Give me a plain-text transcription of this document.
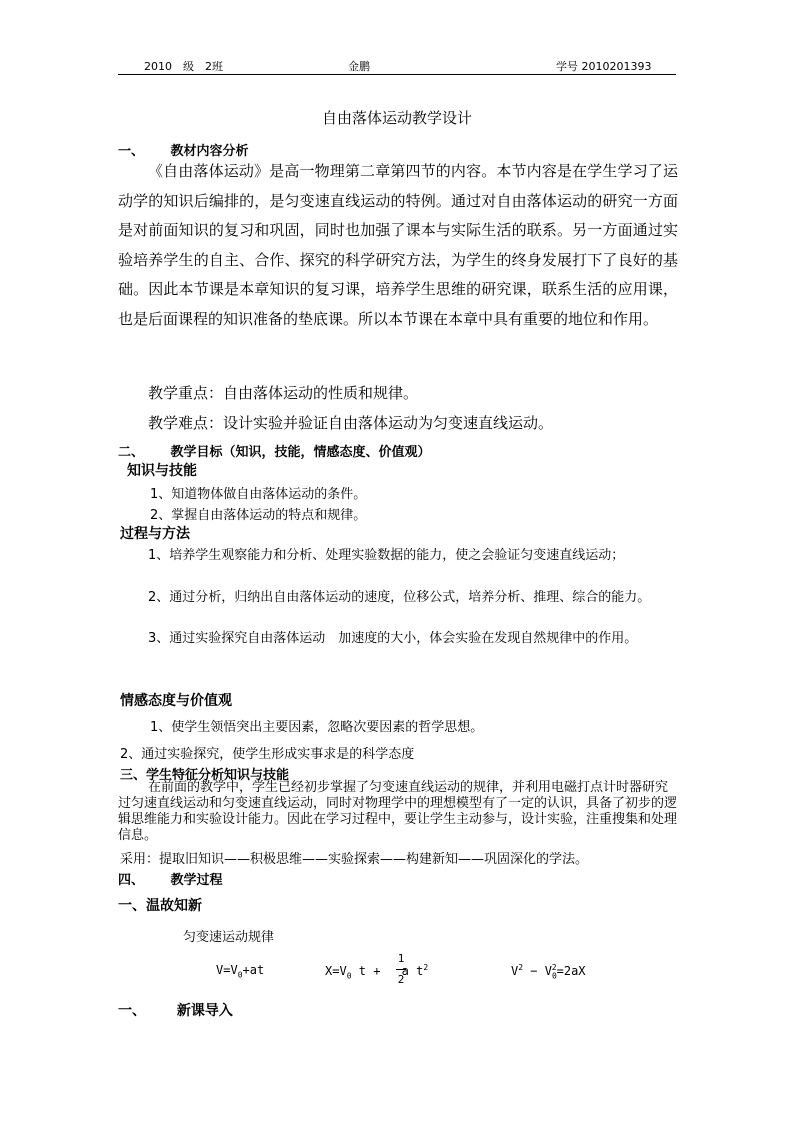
2010　级　2班	金鹏	学号 2010201393
自由落体运动教学设计
一、 教材内容分析
《自由落体运动》是高一物理第二章第四节的内容。本节内容是在学生学习了运动学的知识后编排的，是匀变速直线运动的特例。通过对自由落体运动的研究一方面是对前面知识的复习和巩固，同时也加强了课本与实际生活的联系。另一方面通过实验培养学生的自主、合作、探究的科学研究方法，为学生的终身发展打下了良好的基础。因此本节课是本章知识的复习课，培养学生思维的研究课，联系生活的应用课，也是后面课程的知识准备的垫底课。所以本节课在本章中具有重要的地位和作用。
教学重点：自由落体运动的性质和规律。
教学难点：设计实验并验证自由落体运动为匀变速直线运动。
二、 教学目标（知识，技能，情感态度、价值观）
知识与技能
1、知道物体做自由落体运动的条件。
2、掌握自由落体运动的特点和规律。
过程与方法
1、培养学生观察能力和分析、处理实验数据的能力，使之会验证匀变速直线运动；
2、通过分析，归纳出自由落体运动的速度，位移公式，培养分析、推理、综合的能力。
3、通过实验探究自由落体运动　加速度的大小，体会实验在发现自然规律中的作用。
情感态度与价值观
1、使学生领悟突出主要因素，忽略次要因素的哲学思想。
2、通过实验探究，使学生形成实事求是的科学态度
三、学生特征分析知识与技能
在前面的教学中，学生已经初步掌握了匀变速直线运动的规律，并利用电磁打点计时器研究过匀速直线运动和匀变速直线运动，同时对物理学中的理想模型有了一定的认识，具备了初步的逻辑思维能力和实验设计能力。因此在学习过程中，要让学生主动参与，设计实验，注重搜集和处理信息。
采用：提取旧知识——积极思维——实验探索——构建新知——巩固深化的学法。
四、 教学过程
一、温故知新
匀变速运动规律
$V=V_0+at$	$X=V_0$ t + a $t^2$
1
2
$V^2 - V_0^2=2aX$
一、 新课导入
